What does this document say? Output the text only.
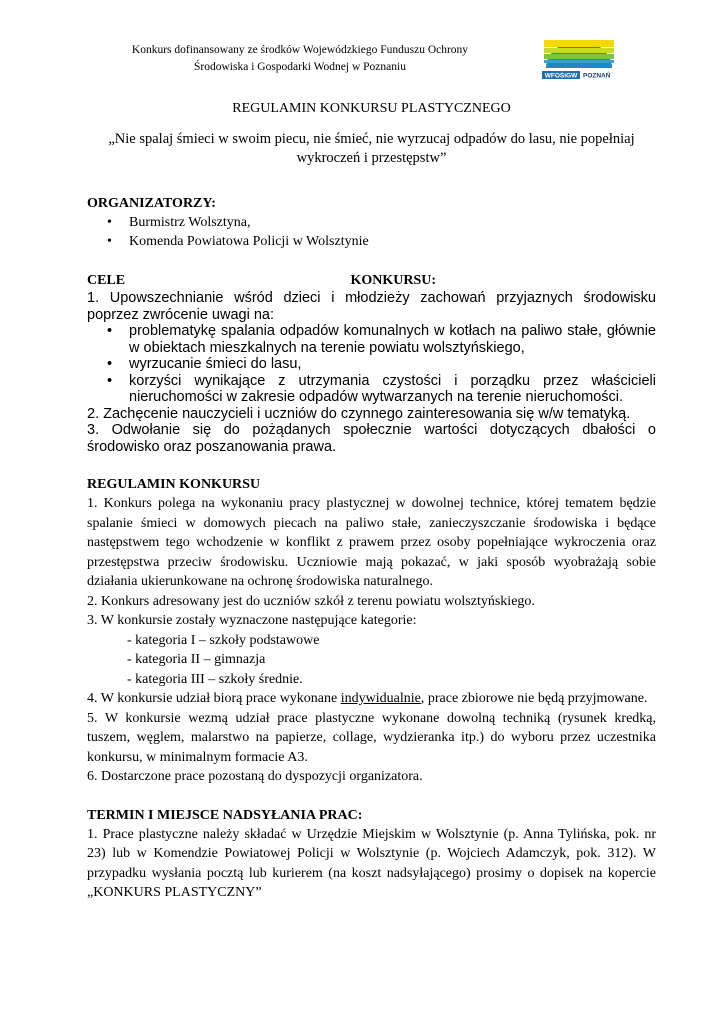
Konkurs dofinansowany ze środków Wojewódzkiego Funduszu Ochrony
Środowiska i Gospodarki Wodnej w Poznaniu
WFOŚiGW POZNAŃ

REGULAMIN KONKURSU PLASTYCZNEGO

„Nie spalaj śmieci w swoim piecu, nie śmieć, nie wyrzucaj odpadów do lasu, nie popełniaj wykroczeń i przestępstw”

ORGANIZATORZY:
• Burmistrz Wolsztyna,
• Komenda Powiatowa Policji w Wolsztynie
CELE	KONKURSU:

1. Upowszechnianie wśród dzieci i młodzieży zachowań przyjaznych środowisku poprzez zwrócenie uwagi na:

• problematykę spalania odpadów komunalnych w kotłach na paliwo stałe, głównie w obiektach mieszkalnych na terenie powiatu wolsztyńskiego,
• wyrzucanie śmieci do lasu,
• korzyści wynikające z utrzymania czystości i porządku przez właścicieli nieruchomości w zakresie odpadów wytwarzanych na terenie nieruchomości.

2. Zachęcenie nauczycieli i uczniów do czynnego zainteresowania się w/w tematyką.

3. Odwołanie się do pożądanych społecznie wartości dotyczących dbałości o środowisko oraz poszanowania prawa.

REGULAMIN KONKURSU

1. Konkurs polega na wykonaniu pracy plastycznej w dowolnej technice, której tematem będzie spalanie śmieci w domowych piecach na paliwo stałe, zanieczyszczanie środowiska i będące następstwem tego wchodzenie w konflikt z prawem przez osoby popełniające wykroczenia oraz przestępstwa przeciw środowisku. Uczniowie mają pokazać, w jaki sposób wyobrażają sobie działania ukierunkowane na ochronę środowiska naturalnego.

2. Konkurs adresowany jest do uczniów szkół z terenu powiatu wolsztyńskiego.

3. W konkursie zostały wyznaczone następujące kategorie:

- kategoria I – szkoły podstawowe

- kategoria II – gimnazja

- kategoria III – szkoły średnie.

4. W konkursie udział biorą prace wykonane indywidualnie, prace zbiorowe nie będą przyjmowane.

5. W konkursie wezmą udział prace plastyczne wykonane dowolną techniką (rysunek kredką, tuszem, węglem, malarstwo na papierze, collage, wydzieranka itp.) do wyboru przez uczestnika konkursu, w minimalnym formacie A3.

6. Dostarczone prace pozostaną do dyspozycji organizatora.

TERMIN I MIEJSCE NADSYŁANIA PRAC:

1. Prace plastyczne należy składać w Urzędzie Miejskim w Wolsztynie (p. Anna Tylińska, pok. nr 23) lub w Komendzie Powiatowej Policji w Wolsztynie (p. Wojciech Adamczyk, pok. 312). W przypadku wysłania pocztą lub kurierem (na koszt nadsyłającego) prosimy o dopisek na kopercie „KONKURS PLASTYCZNY”
